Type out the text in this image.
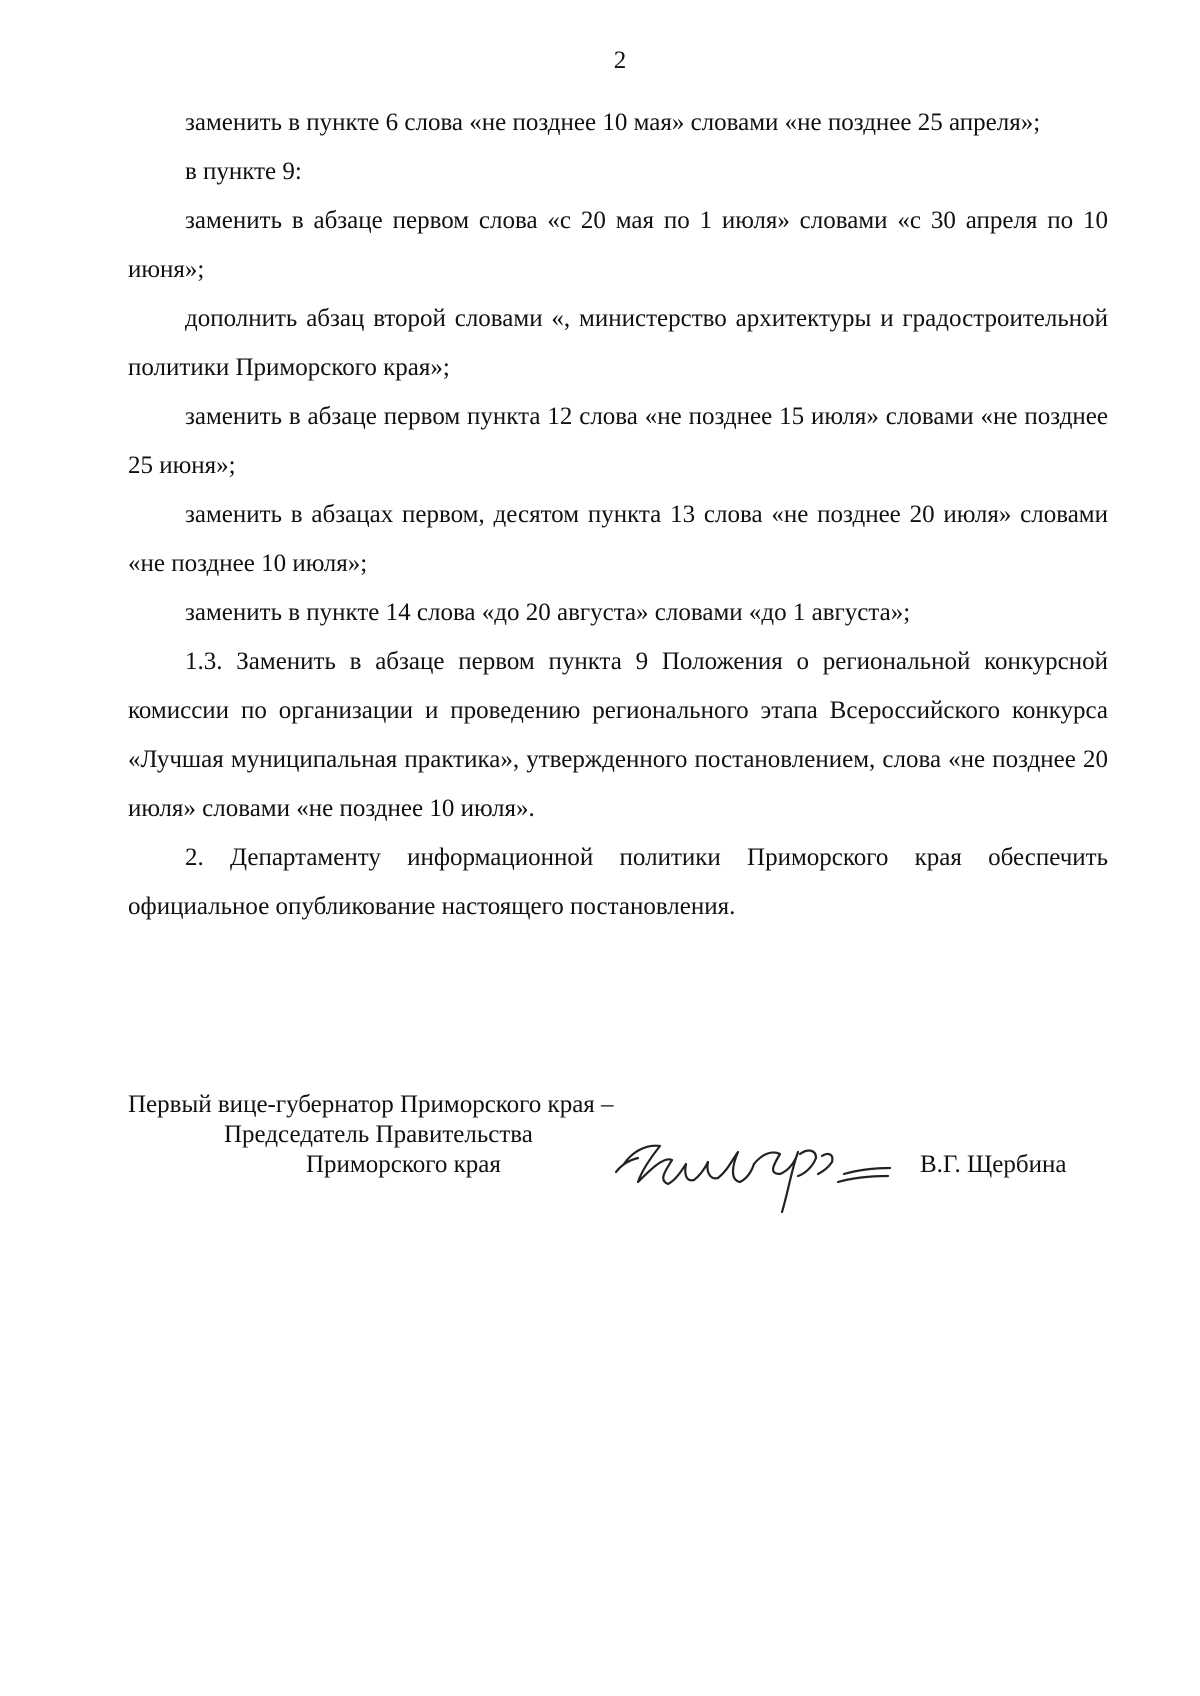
2

заменить в пункте 6 слова «не позднее 10 мая» словами «не позднее 25 апреля»;

в пункте 9:

заменить в абзаце первом слова «с 20 мая по 1 июля» словами «с 30 апреля по 10 июня»;

дополнить абзац второй словами «, министерство архитектуры и градостроительной политики Приморского края»;

заменить в абзаце первом пункта 12 слова «не позднее 15 июля» словами «не позднее 25 июня»;

заменить в абзацах первом, десятом пункта 13 слова «не позднее 20 июля» словами «не позднее 10 июля»;

заменить в пункте 14 слова «до 20 августа» словами «до 1 августа»;

1.3. Заменить в абзаце первом пункта 9 Положения о региональной конкурсной комиссии по организации и проведению регионального этапа Всероссийского конкурса «Лучшая муниципальная практика», утвержденного постановлением, слова «не позднее 20 июля» словами «не позднее 10 июля».

2. Департаменту информационной политики Приморского края обеспечить официальное опубликование настоящего постановления.

Первый вице-губернатор Приморского края –
Председатель Правительства
Приморского края	В.Г. Щербина
